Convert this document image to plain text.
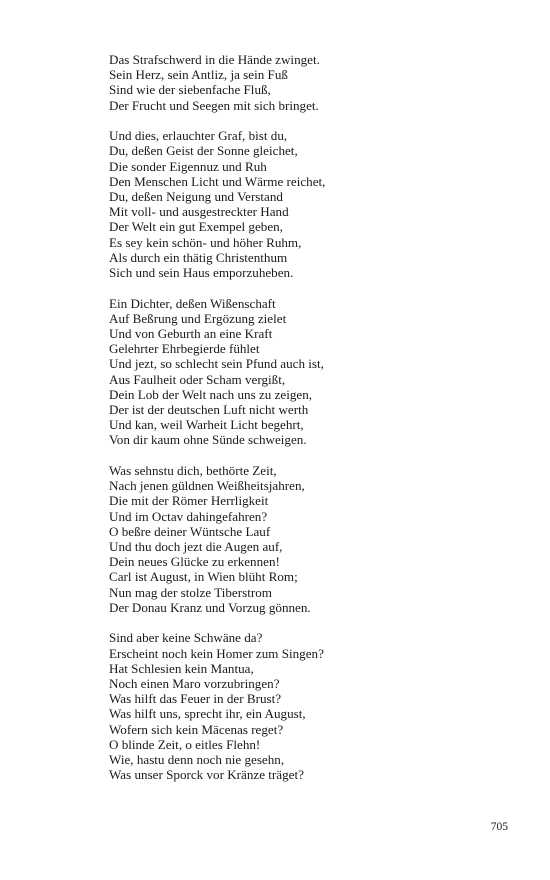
Das Strafschwerd in die Hände zwinget.
Sein Herz, sein Antliz, ja sein Fuß
Sind wie der siebenfache Fluß,
Der Frucht und Seegen mit sich bringet.
Und dies, erlauchter Graf, bist du,
Du, deßen Geist der Sonne gleichet,
Die sonder Eigennuz und Ruh
Den Menschen Licht und Wärme reichet,
Du, deßen Neigung und Verstand
Mit voll- und ausgestreckter Hand
Der Welt ein gut Exempel geben,
Es sey kein schön- und höher Ruhm,
Als durch ein thätig Christenthum
Sich und sein Haus emporzuheben.
Ein Dichter, deßen Wißenschaft
Auf Beßrung und Ergözung zielet
Und von Geburth an eine Kraft
Gelehrter Ehrbegierde fühlet
Und jezt, so schlecht sein Pfund auch ist,
Aus Faulheit oder Scham vergißt,
Dein Lob der Welt nach uns zu zeigen,
Der ist der deutschen Luft nicht werth
Und kan, weil Warheit Licht begehrt,
Von dir kaum ohne Sünde schweigen.
Was sehnstu dich, bethörte Zeit,
Nach jenen güldnen Weißheitsjahren,
Die mit der Römer Herrligkeit
Und im Octav dahingefahren?
O beßre deiner Wüntsche Lauf
Und thu doch jezt die Augen auf,
Dein neues Glücke zu erkennen!
Carl ist August, in Wien blüht Rom;
Nun mag der stolze Tiberstrom
Der Donau Kranz und Vorzug gönnen.
Sind aber keine Schwäne da?
Erscheint noch kein Homer zum Singen?
Hat Schlesien kein Mantua,
Noch einen Maro vorzubringen?
Was hilft das Feuer in der Brust?
Was hilft uns, sprecht ihr, ein August,
Wofern sich kein Mäcenas reget?
O blinde Zeit, o eitles Flehn!
Wie, hastu denn noch nie gesehn,
Was unser Sporck vor Kränze träget?
705
